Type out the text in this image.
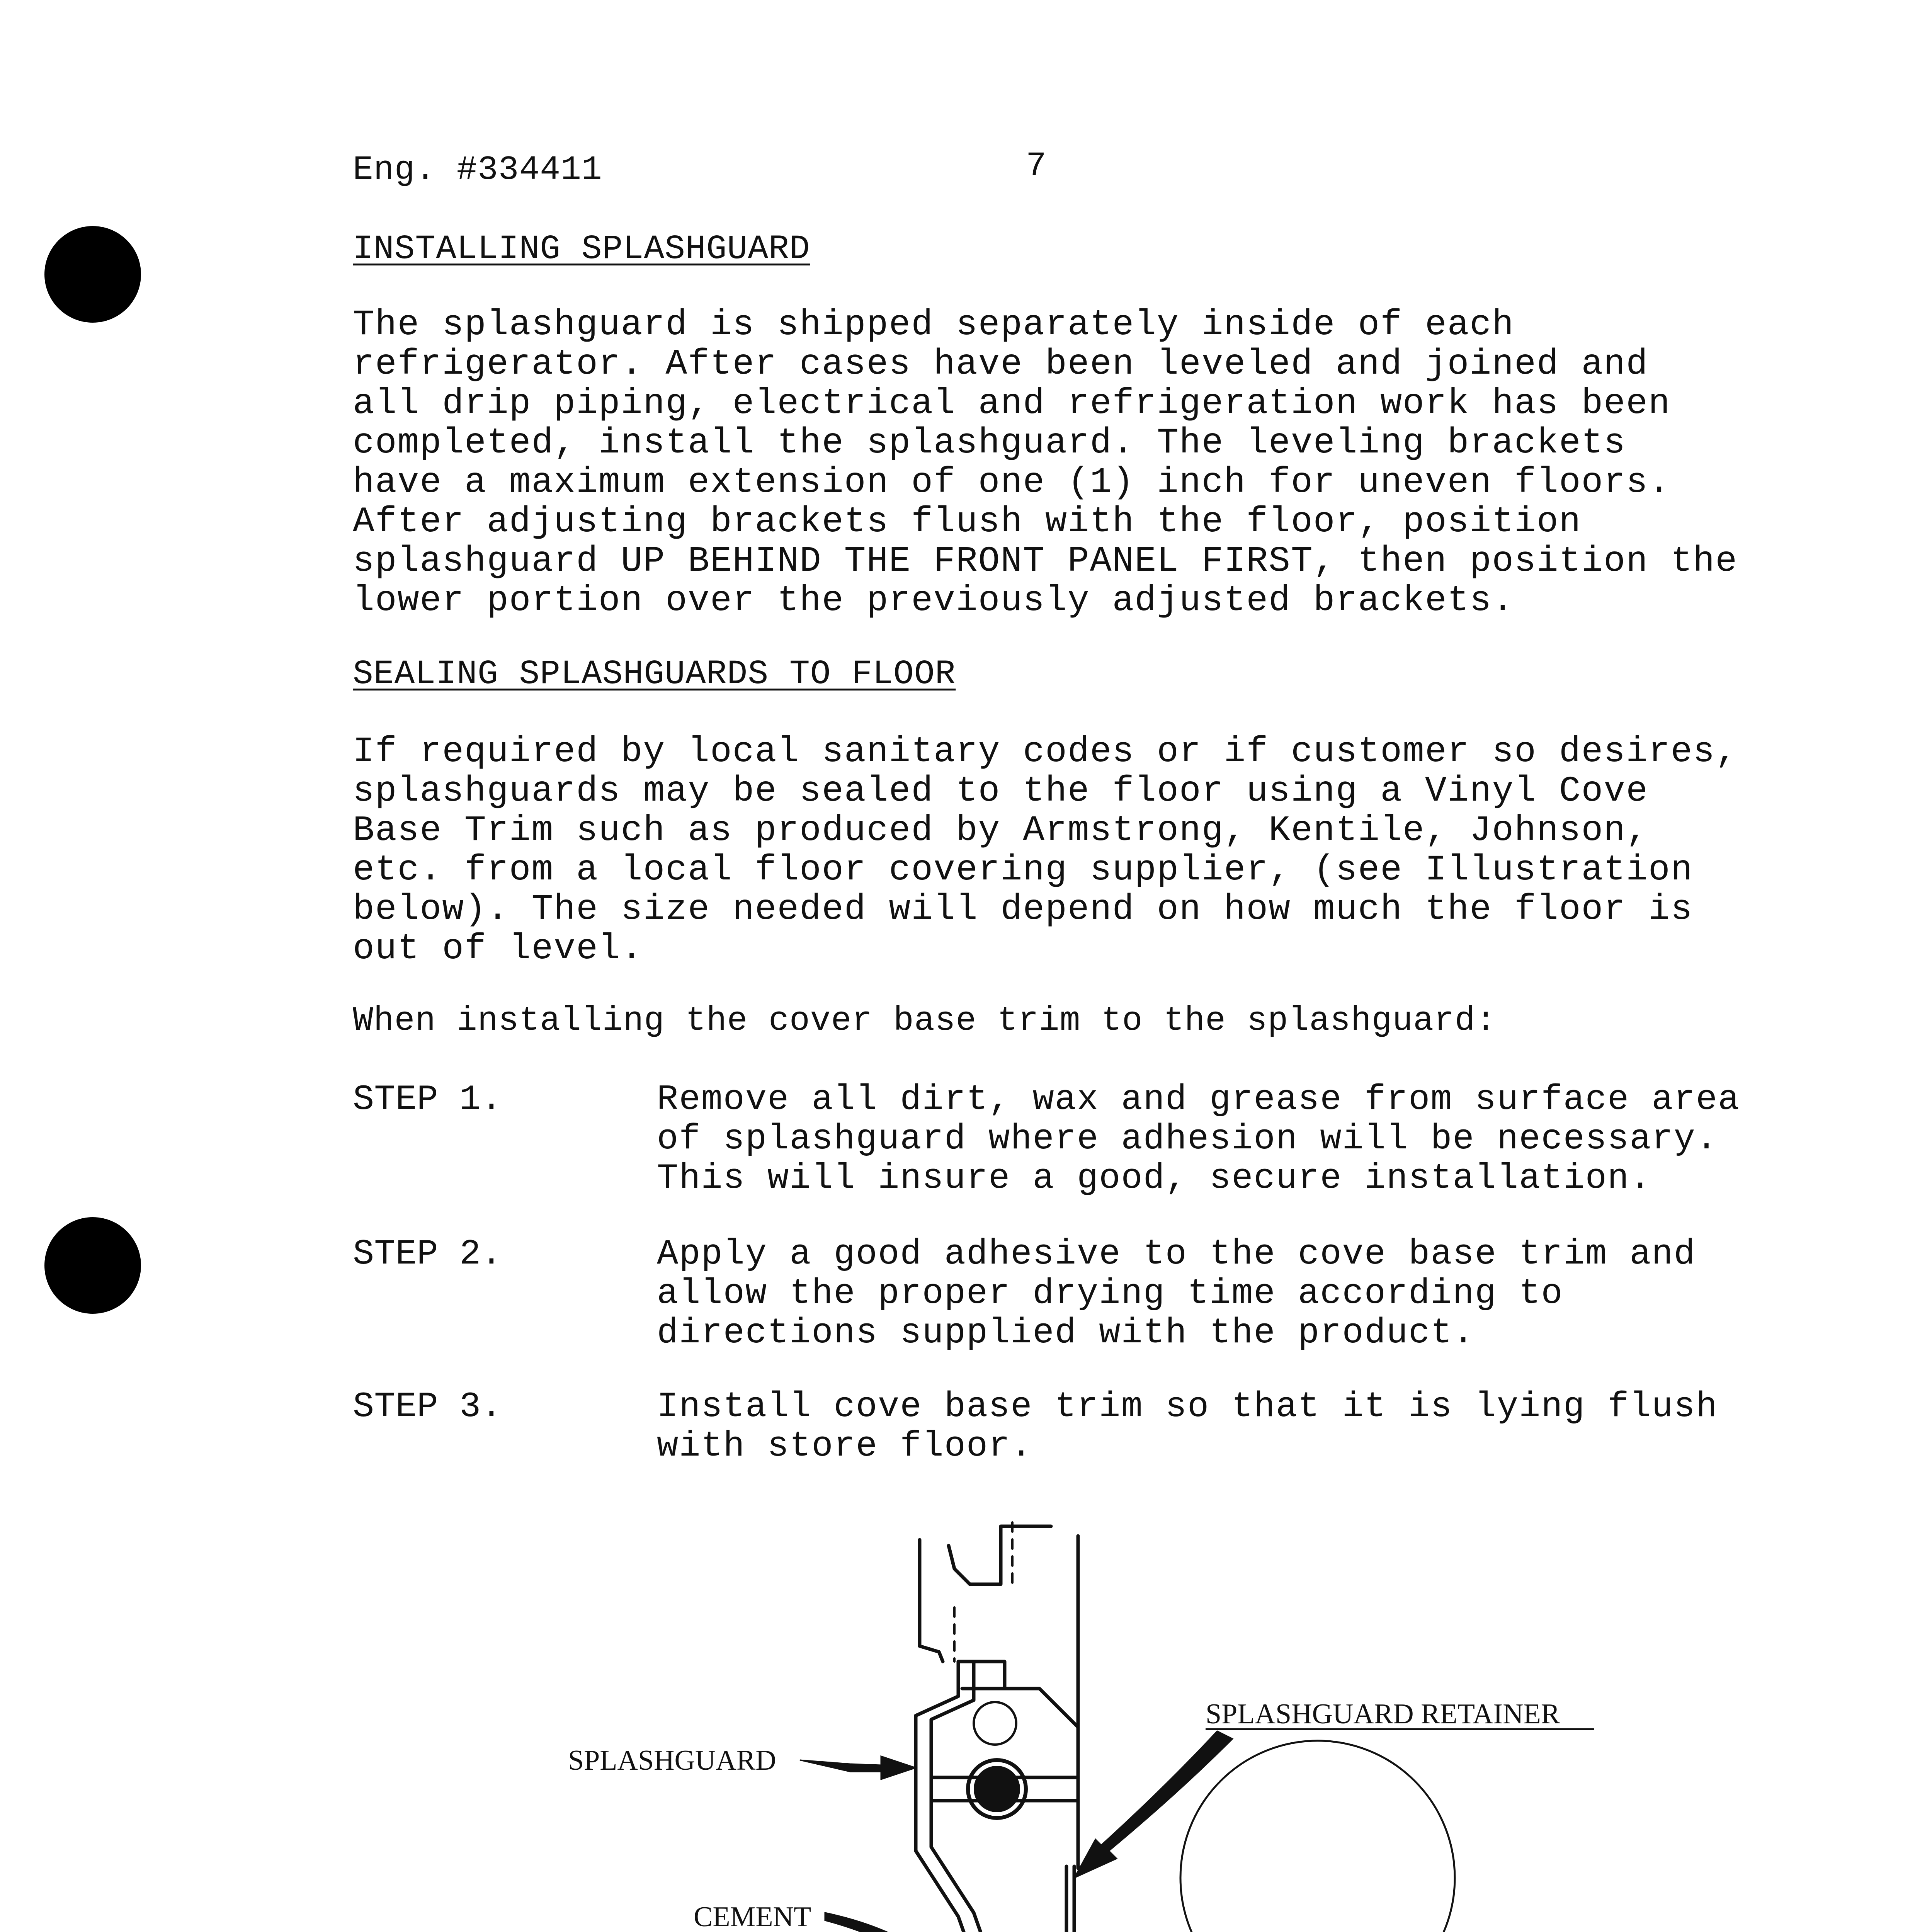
Eng. #334411	7
INSTALLING SPLASHGUARD
The splashguard is shipped separately inside of each
refrigerator. After cases have been leveled and joined and
all drip piping, electrical and refrigeration work has been
completed, install the splashguard. The leveling brackets
have a maximum extension of one (1) inch for uneven floors.
After adjusting brackets flush with the floor, position
splashguard UP BEHIND THE FRONT PANEL FIRST, then position the
lower portion over the previously adjusted brackets.
SEALING SPLASHGUARDS TO FLOOR
If required by local sanitary codes or if customer so desires,
splashguards may be sealed to the floor using a Vinyl Cove
Base Trim such as produced by Armstrong, Kentile, Johnson,
etc. from a local floor covering supplier, (see Illustration
below). The size needed will depend on how much the floor is
out of level.
When installing the cover base trim to the splashguard:
STEP 1.	Remove all dirt, wax and grease from surface area
of splashguard where adhesion will be necessary.
This will insure a good, secure installation.
STEP 2.	Apply a good adhesive to the cove base trim and
allow the proper drying time according to
directions supplied with the product.
STEP 3.	Install cove base trim so that it is lying flush
with store floor.
SPLASHGUARD
SPLASHGUARD RETAINER
CEMENT
